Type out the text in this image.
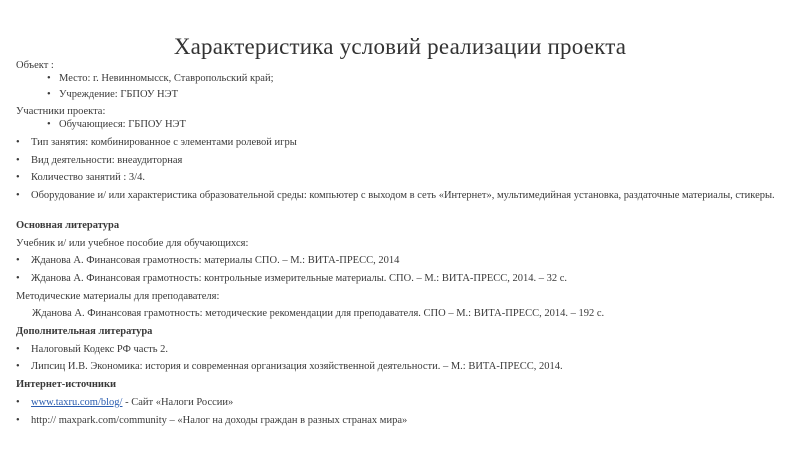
Характеристика условий реализации проекта
Объект :
• Место: г. Невинномысск, Ставропольский край;
• Учреждение: ГБПОУ НЭТ
Участники проекта:
• Обучающиеся: ГБПОУ НЭТ
• Тип занятия: комбинированное с элементами ролевой игры
• Вид деятельности: внеаудиторная
• Количество занятий : 3/4.
• Оборудование и/ или характеристика образовательной среды: компьютер с выходом в сеть «Интернет», мультимедийная установка, раздаточные материалы, стикеры.
Основная литература
Учебник и/ или учебное пособие для обучающихся:
• Жданова А. Финансовая грамотность: материалы СПО. – М.: ВИТА-ПРЕСС, 2014
• Жданова А. Финансовая грамотность: контрольные измерительные материалы. СПО. – М.: ВИТА-ПРЕСС, 2014. – 32 с.
Методические материалы для преподавателя:
Жданова А. Финансовая грамотность: методические рекомендации для преподавателя. СПО – М.: ВИТА-ПРЕСС, 2014. – 192 с.
Дополнительная литература
• Налоговый Кодекс РФ часть 2.
• Липсиц И.В. Экономика: история и современная организация хозяйственной деятельности. – М.: ВИТА-ПРЕСС, 2014.
Интернет-источники
• www.taxru.com/blog/ - Сайт «Налоги России»
• http:// maxpark.com/community – «Налог на доходы граждан в разных странах мира»
